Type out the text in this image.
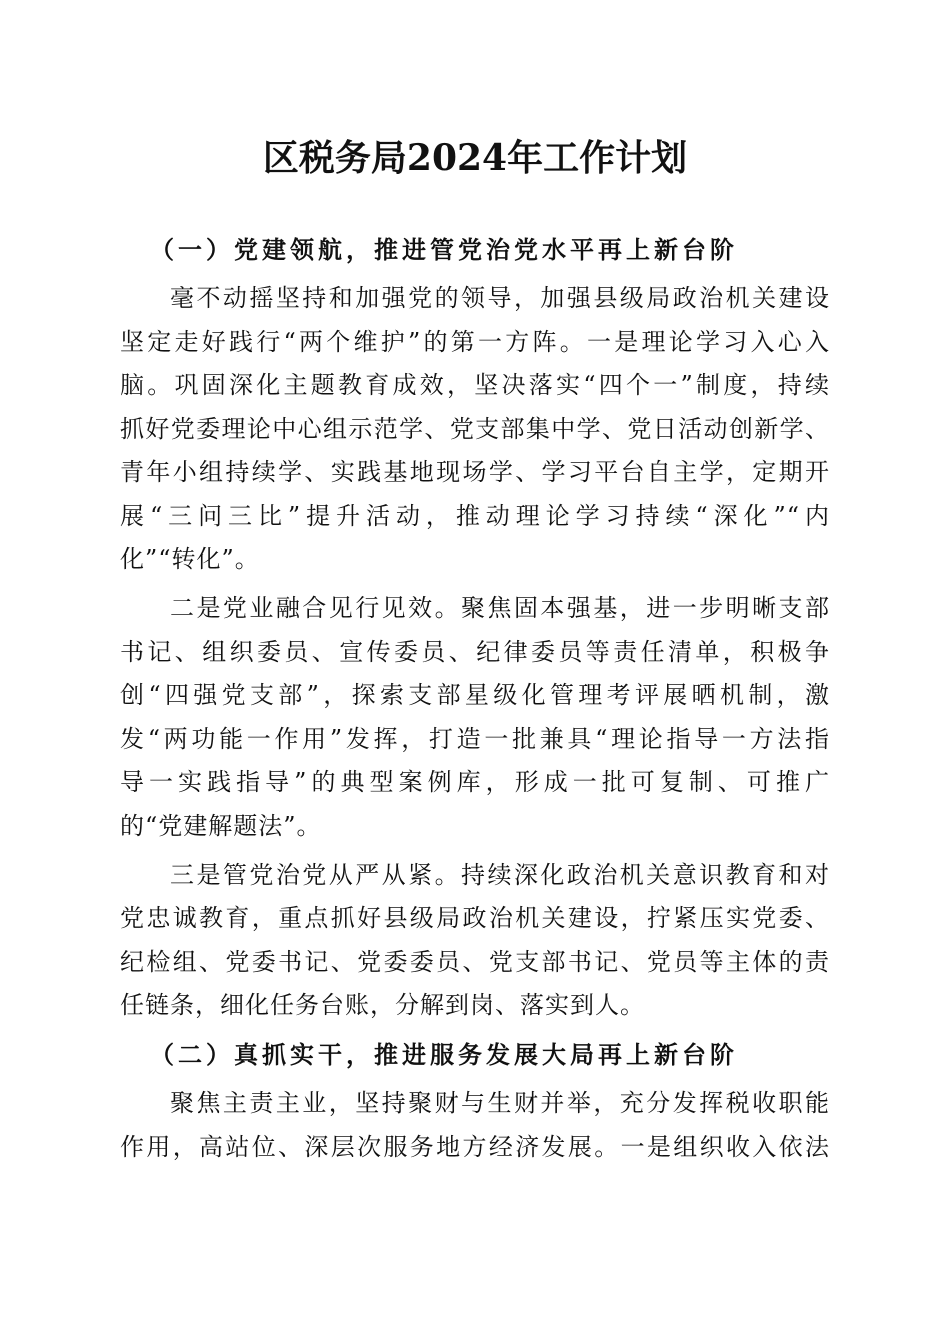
区税务局2024年工作计划
（一）党建领航，推进管党治党水平再上新台阶
毫不动摇坚持和加强党的领导，加强县级局政治机关建设
坚定走好践行“两个维护”的第一方阵。一是理论学习入心入
脑。巩固深化主题教育成效，坚决落实“四个一”制度，持续
抓好党委理论中心组示范学、党支部集中学、党日活动创新学、
青年小组持续学、实践基地现场学、学习平台自主学，定期开
展“三问三比”提升活动，推动理论学习持续“深化”“内
化”“转化”。
二是党业融合见行见效。聚焦固本强基，进一步明晰支部
书记、组织委员、宣传委员、纪律委员等责任清单，积极争
创“四强党支部”，探索支部星级化管理考评展晒机制，激
发“两功能一作用”发挥，打造一批兼具“理论指导一方法指
导一实践指导”的典型案例库，形成一批可复制、可推广
的“党建解题法”。
三是管党治党从严从紧。持续深化政治机关意识教育和对
党忠诚教育，重点抓好县级局政治机关建设，拧紧压实党委、
纪检组、党委书记、党委委员、党支部书记、党员等主体的责
任链条，细化任务台账，分解到岗、落实到人。
（二）真抓实干，推进服务发展大局再上新台阶
聚焦主责主业，坚持聚财与生财并举，充分发挥税收职能
作用，高站位、深层次服务地方经济发展。一是组织收入依法
